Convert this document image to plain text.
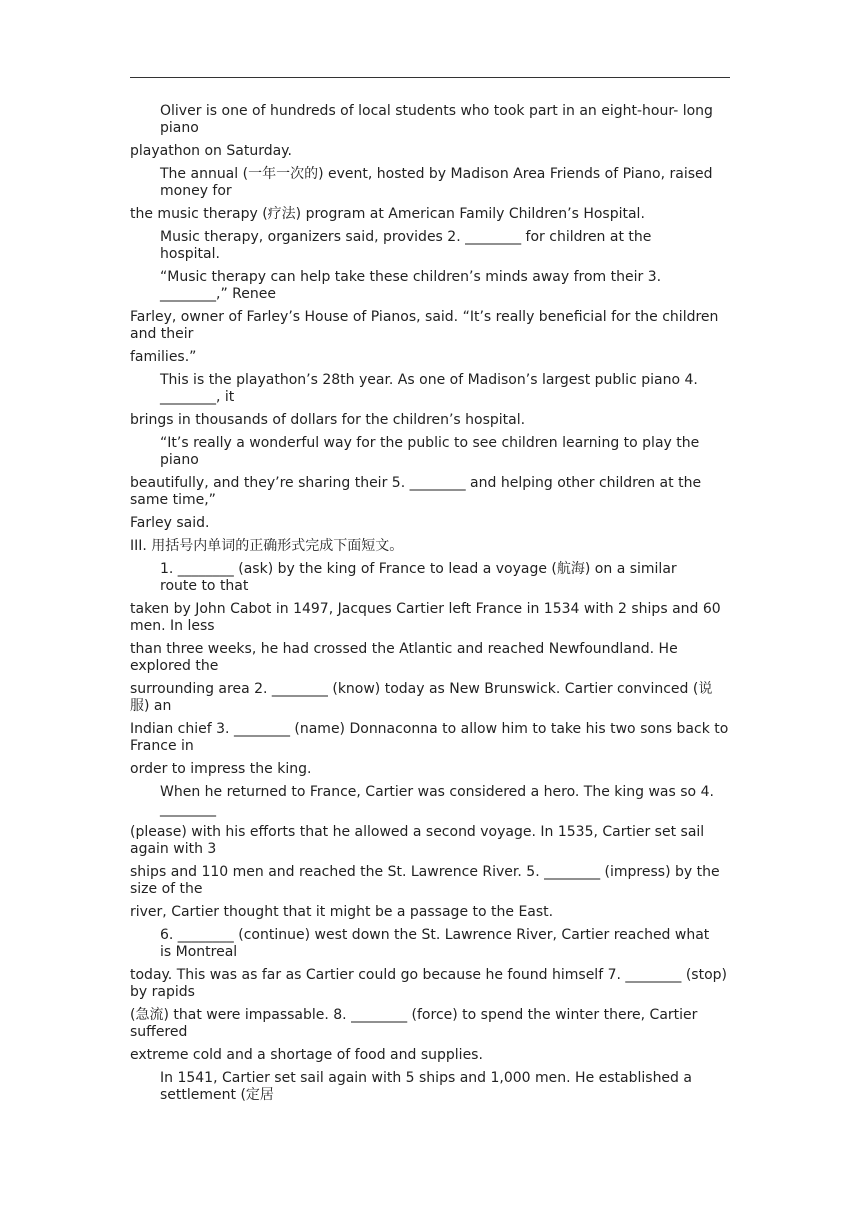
Oliver is one of hundreds of local students who took part in an eight-hour- long piano

playathon on Saturday.

The annual (一年一次的) event, hosted by Madison Area Friends of Piano, raised money for

the music therapy (疗法) program at American Family Children’s Hospital.

Music therapy, organizers said, provides 2. ________ for children at the hospital.

“Music therapy can help take these children’s minds away from their 3. ________,” Renee

Farley, owner of Farley’s House of Pianos, said. “It’s really beneficial for the children and their

families.”

This is the playathon’s 28th year. As one of Madison’s largest public piano 4. ________, it

brings in thousands of dollars for the children’s hospital.

“It’s really a wonderful way for the public to see children learning to play the piano

beautifully, and they’re sharing their 5. ________ and helping other children at the same time,”

Farley said.

III. 用括号内单词的正确形式完成下面短文。

1. ________ (ask) by the king of France to lead a voyage (航海) on a similar route to that

taken by John Cabot in 1497, Jacques Cartier left France in 1534 with 2 ships and 60 men. In less

than three weeks, he had crossed the Atlantic and reached Newfoundland. He explored the

surrounding area 2. ________ (know) today as New Brunswick. Cartier convinced (说服) an

Indian chief 3. ________ (name) Donnaconna to allow him to take his two sons back to France in

order to impress the king.

When he returned to France, Cartier was considered a hero. The king was so 4. ________

(please) with his efforts that he allowed a second voyage. In 1535, Cartier set sail again with 3

ships and 110 men and reached the St. Lawrence River. 5. ________ (impress) by the size of the

river, Cartier thought that it might be a passage to the East.

6. ________ (continue) west down the St. Lawrence River, Cartier reached what is Montreal

today. This was as far as Cartier could go because he found himself 7. ________ (stop) by rapids

(急流) that were impassable. 8. ________ (force) to spend the winter there, Cartier suffered

extreme cold and a shortage of food and supplies.

In 1541, Cartier set sail again with 5 ships and 1,000 men. He established a settlement (定居
